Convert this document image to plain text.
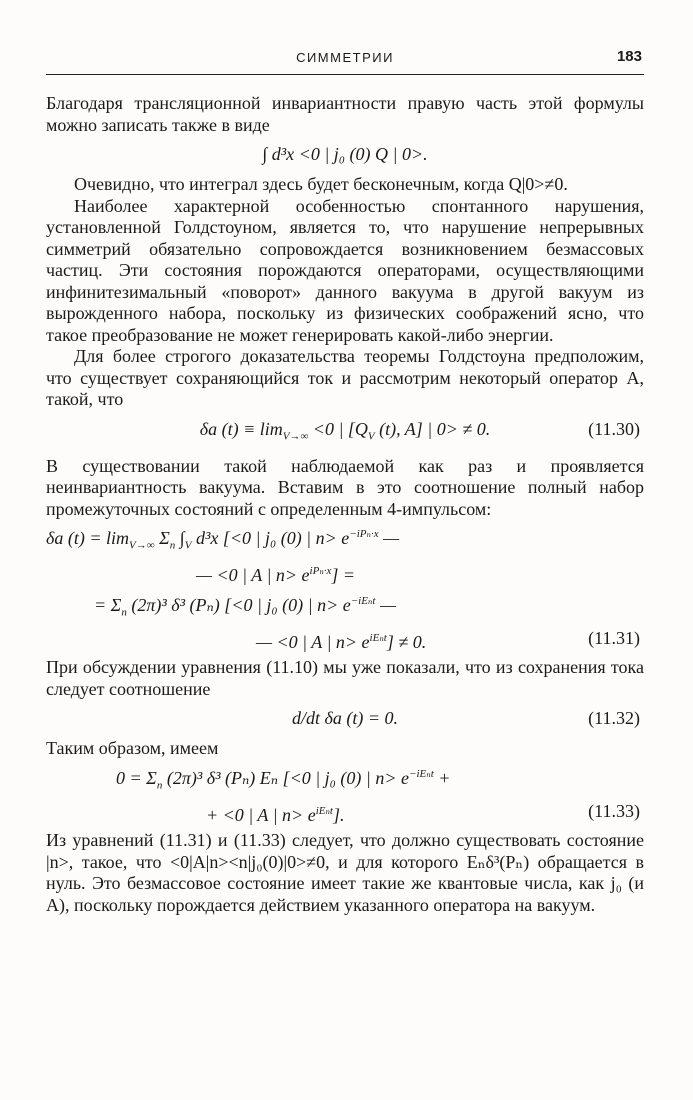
СИММЕТРИИ	183

Благодаря трансляционной инвариантности правую часть этой формулы можно записать также в виде

∫ d³x <0 | j₀ (0) Q | 0>.

Очевидно, что интеграл здесь будет бесконечным, когда Q|0>≠0.

Наиболее характерной особенностью спонтанного нарушения, установленной Голдстоуном, является то, что нарушение непрерывных симметрий обязательно сопровождается возникновением безмассовых частиц. Эти состояния порождаются операторами, осуществляющими инфинитезимальный «поворот» данного вакуума в другой вакуум из вырожденного набора, поскольку из физических соображений ясно, что такое преобразование не может генерировать какой-либо энергии.

Для более строгого доказательства теоремы Голдстоуна предположим, что существует сохраняющийся ток и рассмотрим некоторый оператор A, такой, что

δa $(t) \equiv \lim_{V\to\infty} <0$ | [$Q_V$ (t), A] | 0> ≠ 0.	(11.30)

В существовании такой наблюдаемой как раз и проявляется неинвариантность вакуума. Вставим в это соотношение полный набор промежуточных состояний с определенным 4-импульсом:

δa $(t) = \lim_{V\to\infty} \Sigma_n$ $\int_V$ d³x [<0 | j₀ (0) | $n> e^{-iP_n\cdot x}$ —
— <0 | A | $n> e^{iP_n\cdot x}$] =
= $\Sigma_n$ (2π)³ δ³ (Pₙ) [<0 | j₀ (0) | $n> e^{-iE_nt}$ —
— <0 | A | $n> e^{iE_nt}] \ne 0$.	(11.31)

При обсуждении уравнения (11.10) мы уже показали, что из сохранения тока следует соотношение

d/dt δa (t) = 0.	(11.32)

Таким образом, имеем

$0 = \Sigma_n$ (2π)³ δ³ (Pₙ) Eₙ [<0 | j₀ (0) | $n> e^{-iE_nt}$ +
+ <0 | A | $n> e^{iE_nt}$].	(11.33)

Из уравнений (11.31) и (11.33) следует, что должно существовать состояние |n>, такое, что <0|A|n><n|j₀(0)|0>≠0, и для которого Eₙδ³(Pₙ) обращается в нуль. Это безмассовое состояние имеет такие же квантовые числа, как j₀ (и A), поскольку порождается действием указанного оператора на вакуум.
